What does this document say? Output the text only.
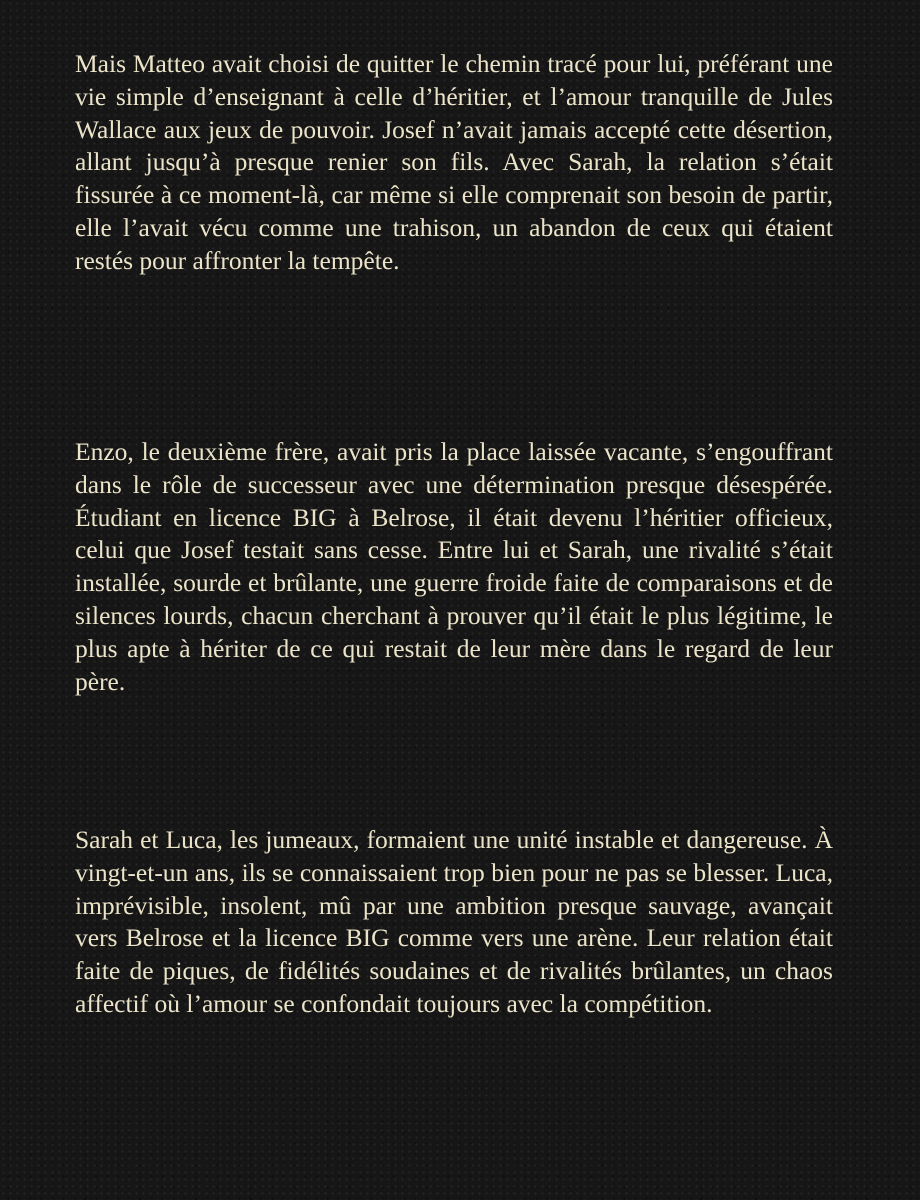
Mais Matteo avait choisi de quitter le chemin tracé pour lui, préférant une vie simple d’enseignant à celle d’héritier, et l’amour tranquille de Jules Wallace aux jeux de pouvoir. Josef n’avait jamais accepté cette désertion, allant jusqu’à presque renier son fils. Avec Sarah, la relation s’était fissurée à ce moment-là, car même si elle comprenait son besoin de partir, elle l’avait vécu comme une trahison, un abandon de ceux qui étaient restés pour affronter la tempête.

Enzo, le deuxième frère, avait pris la place laissée vacante, s’engouffrant dans le rôle de successeur avec une détermination presque désespérée. Étudiant en licence BIG à Belrose, il était devenu l’héritier officieux, celui que Josef testait sans cesse. Entre lui et Sarah, une rivalité s’était installée, sourde et brûlante, une guerre froide faite de comparaisons et de silences lourds, chacun cherchant à prouver qu’il était le plus légitime, le plus apte à hériter de ce qui restait de leur mère dans le regard de leur père.

Sarah et Luca, les jumeaux, formaient une unité instable et dangereuse. À vingt-et-un ans, ils se connaissaient trop bien pour ne pas se blesser. Luca, imprévisible, insolent, mû par une ambition presque sauvage, avançait vers Belrose et la licence BIG comme vers une arène. Leur relation était faite de piques, de fidélités soudaines et de rivalités brûlantes, un chaos affectif où l’amour se confondait toujours avec la compétition.
